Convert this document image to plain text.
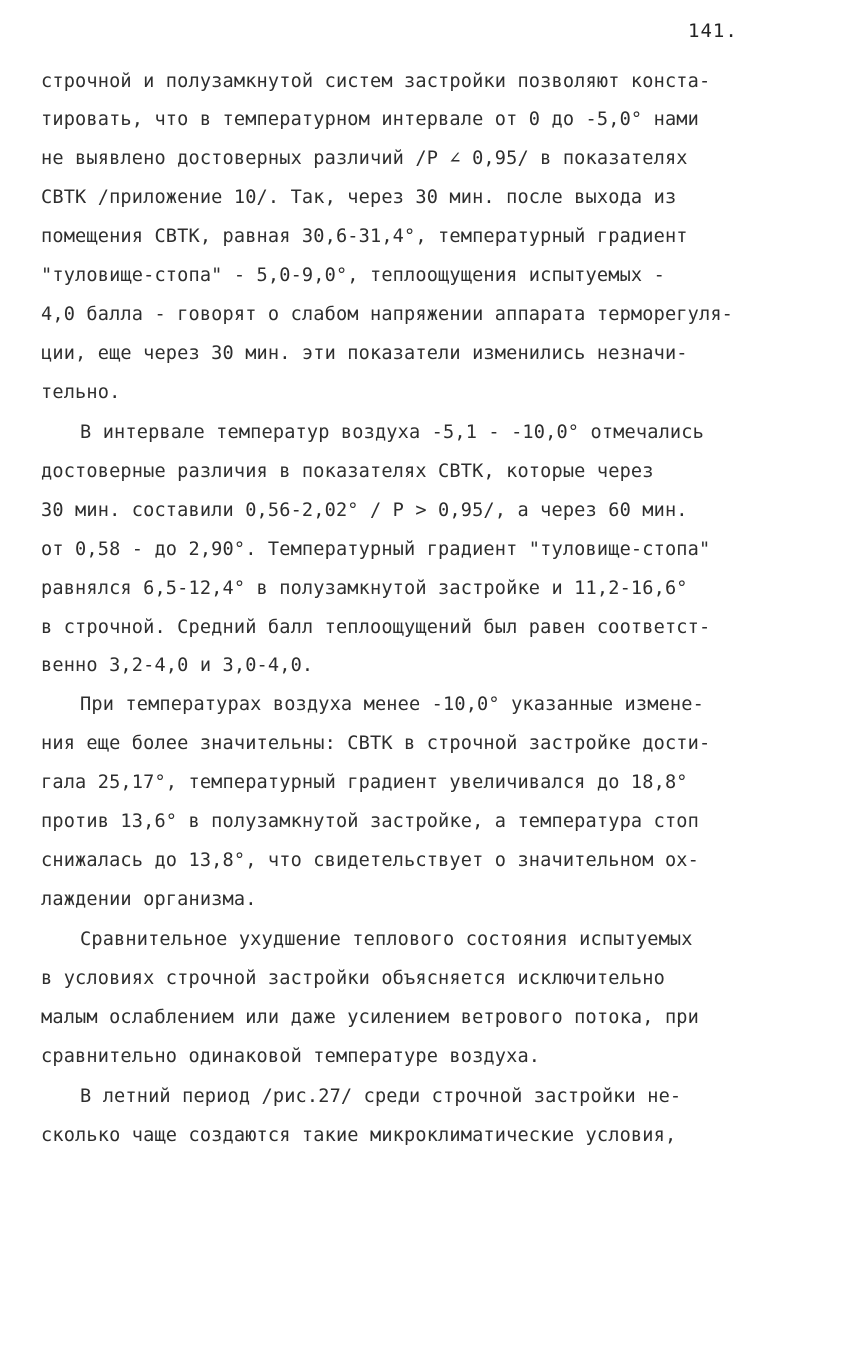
141.
строчной и полузамкнутой систем застройки позволяют конста-
тировать, что в температурном интервале от 0 до -5,0° нами
не выявлено достоверных различий /Р ∠ 0,95/ в показателях
СВТК /приложение 10/. Так, через 30 мин. после выхода из
помещения СВТК, равная 30,6-31,4°, температурный градиент
"туловище-стопа" - 5,0-9,0°, теплоощущения испытуемых -
4,0 балла - говорят о слабом напряжении аппарата терморегуля-
ции, еще через 30 мин. эти показатели изменились незначи-
тельно.
В интервале температур воздуха -5,1 - -10,0° отмечались
достоверные различия в показателях СВТК, которые через
30 мин. составили 0,56-2,02° / Р > 0,95/, а через 60 мин.
от 0,58 - до 2,90°. Температурный градиент "туловище-стопа"
равнялся 6,5-12,4° в полузамкнутой застройке и 11,2-16,6°
в строчной. Средний балл теплоощущений был равен соответст-
венно 3,2-4,0 и 3,0-4,0.
При температурах воздуха менее -10,0° указанные измене-
ния еще более значительны: СВТК в строчной застройке дости-
гала 25,17°, температурный градиент увеличивался до 18,8°
против 13,6° в полузамкнутой застройке, а температура стоп
снижалась до 13,8°, что свидетельствует о значительном ох-
лаждении организма.
Сравнительное ухудшение теплового состояния испытуемых
в условиях строчной застройки объясняется исключительно
малым ослаблением или даже усилением ветрового потока, при
сравнительно одинаковой температуре воздуха.
В летний период /рис.27/ среди строчной застройки не-
сколько чаще создаются такие микроклиматические условия,
